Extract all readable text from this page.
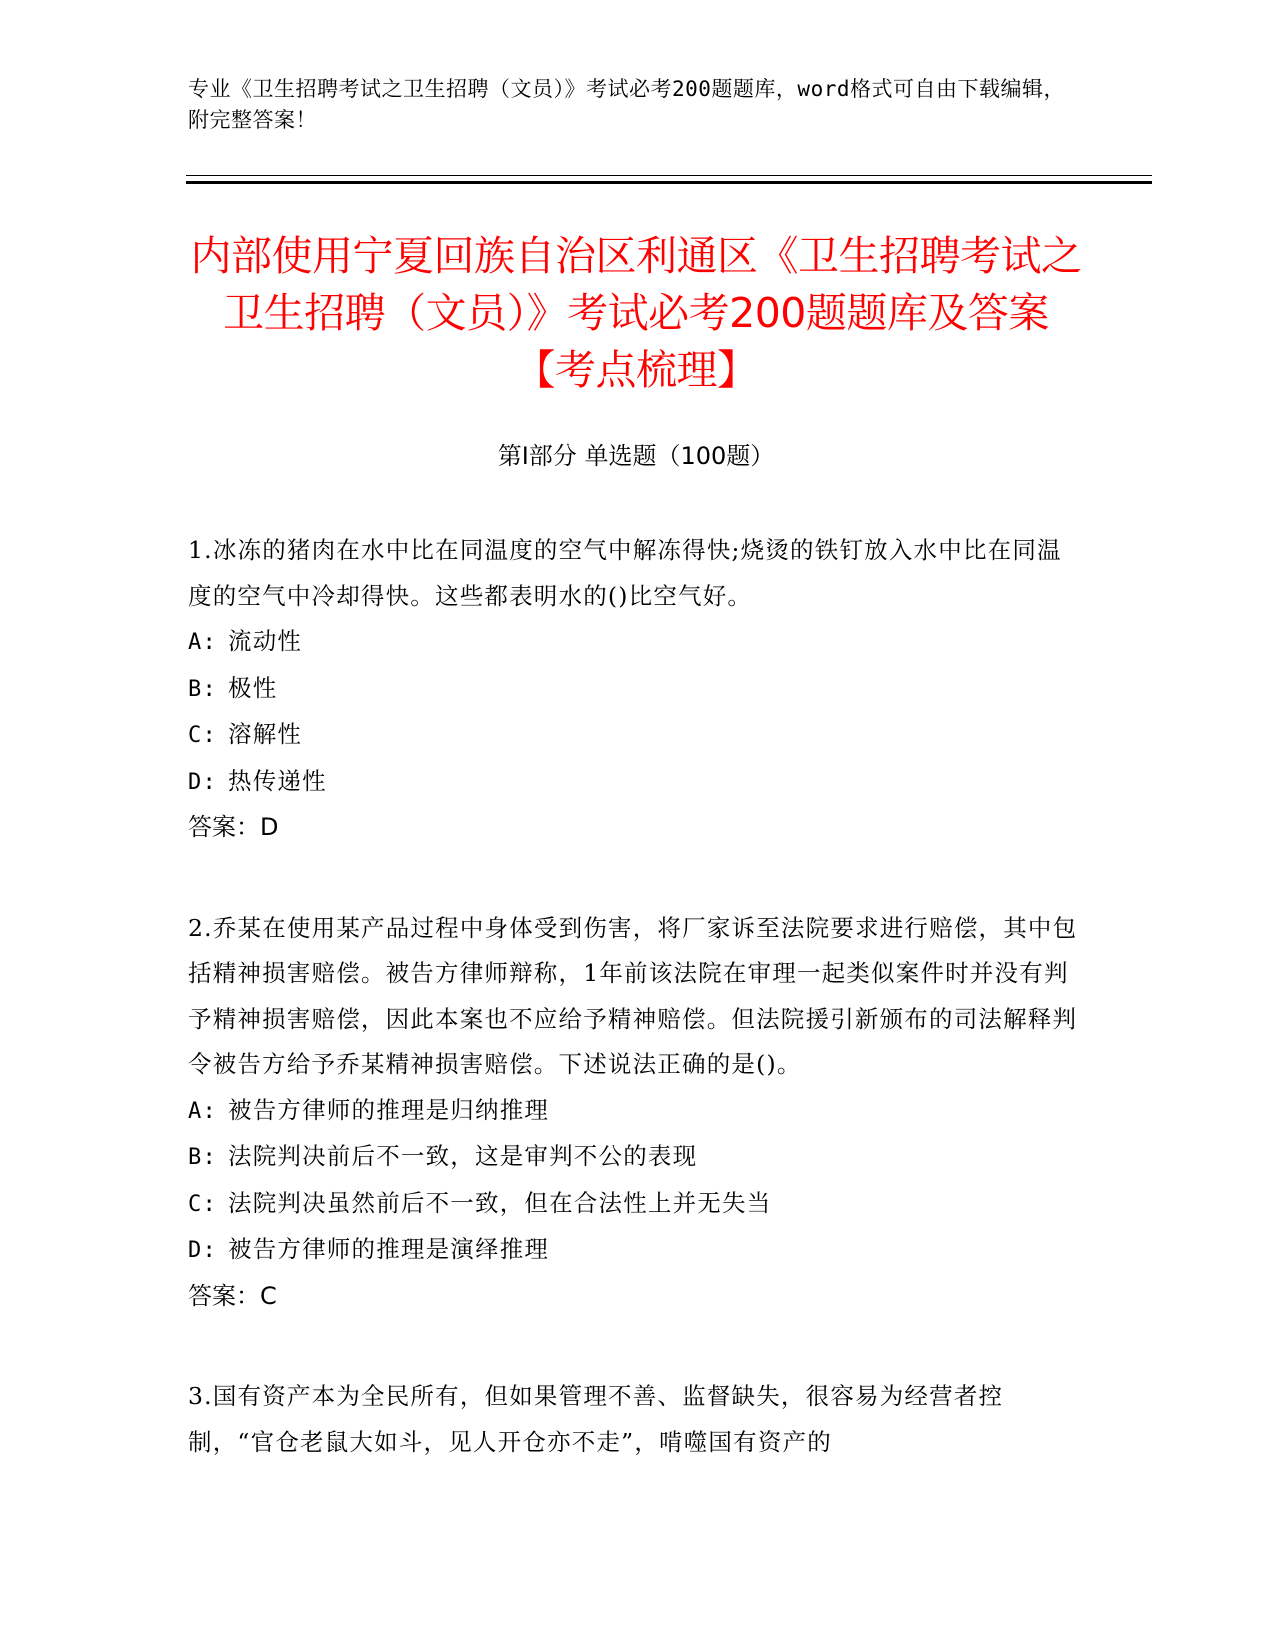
专业《卫生招聘考试之卫生招聘（文员）》考试必考200题题库，word格式可自由下载编辑，附完整答案！
内部使用宁夏回族自治区利通区《卫生招聘考试之卫生招聘（文员）》考试必考200题题库及答案【考点梳理】
第I部分 单选题（100题）

1.冰冻的猪肉在水中比在同温度的空气中解冻得快;烧烫的铁钉放入水中比在同温度的空气中冷却得快。这些都表明水的()比空气好。

A: 流动性

B: 极性

C: 溶解性

D: 热传递性

答案：D

2.乔某在使用某产品过程中身体受到伤害，将厂家诉至法院要求进行赔偿，其中包括精神损害赔偿。被告方律师辩称，1年前该法院在审理一起类似案件时并没有判予精神损害赔偿，因此本案也不应给予精神赔偿。但法院援引新颁布的司法解释判令被告方给予乔某精神损害赔偿。下述说法正确的是()。

A: 被告方律师的推理是归纳推理

B: 法院判决前后不一致，这是审判不公的表现

C: 法院判决虽然前后不一致，但在合法性上并无失当

D: 被告方律师的推理是演绎推理

答案：C

3.国有资产本为全民所有，但如果管理不善、监督缺失，很容易为经营者控制，“官仓老鼠大如斗，见人开仓亦不走”，啃噬国有资产的
